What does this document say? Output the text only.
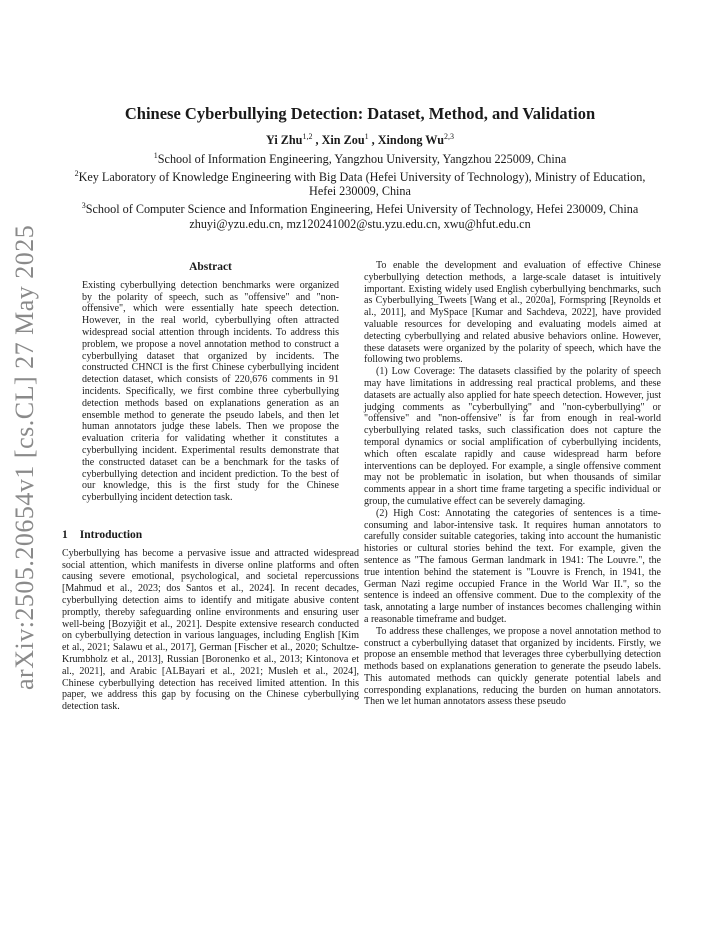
arXiv:2505.20654v1 [cs.CL] 27 May 2025
Chinese Cyberbullying Detection: Dataset, Method, and Validation
Yi Zhu$^{1,2}$ , Xin Zou$^1$ , Xindong Wu$^{2,3}$
$^1$School of Information Engineering, Yangzhou University, Yangzhou 225009, China
$^2$Key Laboratory of Knowledge Engineering with Big Data (Hefei University of Technology), Ministry of Education, Hefei 230009, China
$^3$School of Computer Science and Information Engineering, Hefei University of Technology, Hefei 230009, China
zhuyi@yzu.edu.cn, mz120241002@stu.yzu.edu.cn, xwu@hfut.edu.cn
Abstract

Existing cyberbullying detection benchmarks were organized by the polarity of speech, such as "offensive" and "non-offensive", which were essentially hate speech detection. However, in the real world, cyberbullying often attracted widespread social attention through incidents. To address this problem, we propose a novel annotation method to construct a cyberbullying dataset that organized by incidents. The constructed CHNCI is the first Chinese cyberbullying incident detection dataset, which consists of 220,676 comments in 91 incidents. Specifically, we first combine three cyberbullying detection methods based on explanations generation as an ensemble method to generate the pseudo labels, and then let human annotators judge these labels. Then we propose the evaluation criteria for validating whether it constitutes a cyberbullying incident. Experimental results demonstrate that the constructed dataset can be a benchmark for the tasks of cyberbullying detection and incident prediction. To the best of our knowledge, this is the first study for the Chinese cyberbullying incident detection task.

1 Introduction

Cyberbullying has become a pervasive issue and attracted widespread social attention, which manifests in diverse online platforms and often causing severe emotional, psychological, and societal repercussions [Mahmud et al., 2023; dos Santos et al., 2024]. In recent decades, cyberbullying detection aims to identify and mitigate abusive content promptly, thereby safeguarding online environments and ensuring user well-being [Bozyiğit et al., 2021]. Despite extensive research conducted on cyberbullying detection in various languages, including English [Kim et al., 2021; Salawu et al., 2017], German [Fischer et al., 2020; Schultze-Krumbholz et al., 2013], Russian [Boronenko et al., 2013; Kintonova et al., 2021], and Arabic [ALBayari et al., 2021; Musleh et al., 2024], Chinese cyberbullying detection has received limited attention. In this paper, we address this gap by focusing on the Chinese cyberbullying detection task.

To enable the development and evaluation of effective Chinese cyberbullying detection methods, a large-scale dataset is intuitively important. Existing widely used English cyberbullying benchmarks, such as Cyberbullying_Tweets [Wang et al., 2020a], Formspring [Reynolds et al., 2011], and MySpace [Kumar and Sachdeva, 2022], have provided valuable resources for developing and evaluating models aimed at detecting cyberbullying and related abusive behaviors online. However, these datasets were organized by the polarity of speech, which have the following two problems.

(1) Low Coverage: The datasets classified by the polarity of speech may have limitations in addressing real practical problems, and these datasets are actually also applied for hate speech detection. However, just judging comments as "cyberbullying" and "non-cyberbullying" or "offensive" and "non-offensive" is far from enough in real-world cyberbullying related tasks, such classification does not capture the temporal dynamics or social amplification of cyberbullying incidents, which often escalate rapidly and cause widespread harm before interventions can be deployed. For example, a single offensive comment may not be problematic in isolation, but when thousands of similar comments appear in a short time frame targeting a specific individual or group, the cumulative effect can be severely damaging.

(2) High Cost: Annotating the categories of sentences is a time-consuming and labor-intensive task. It requires human annotators to carefully consider suitable categories, taking into account the humanistic histories or cultural stories behind the text. For example, given the sentence as "The famous German landmark in 1941: The Louvre.", the true intention behind the statement is "Louvre is French, in 1941, the German Nazi regime occupied France in the World War II.", so the sentence is indeed an offensive comment. Due to the complexity of the task, annotating a large number of instances becomes challenging within a reasonable timeframe and budget.

To address these challenges, we propose a novel annotation method to construct a cyberbullying dataset that organized by incidents. Firstly, we propose an ensemble method that leverages three cyberbullying detection methods based on explanations generation to generate the pseudo labels. This automated methods can quickly generate potential labels and corresponding explanations, reducing the burden on human annotators. Then we let human annotators assess these pseudo
